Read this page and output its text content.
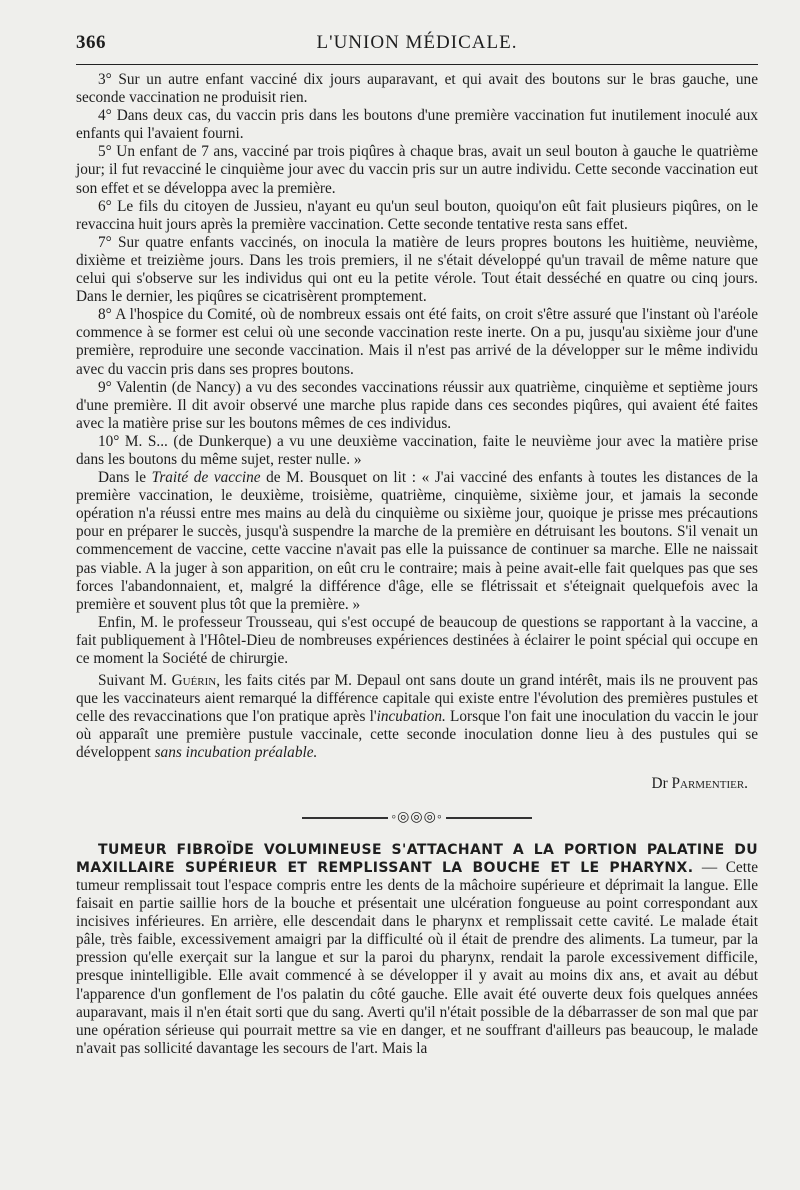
366	L'UNION MÉDICALE.

3° Sur un autre enfant vacciné dix jours auparavant, et qui avait des boutons sur le bras gauche, une seconde vaccination ne produisit rien.

4° Dans deux cas, du vaccin pris dans les boutons d'une première vaccination fut inutilement inoculé aux enfants qui l'avaient fourni.

5° Un enfant de 7 ans, vacciné par trois piqûres à chaque bras, avait un seul bouton à gauche le quatrième jour; il fut revacciné le cinquième jour avec du vaccin pris sur un autre individu. Cette seconde vaccination eut son effet et se développa avec la première.

6° Le fils du citoyen de Jussieu, n'ayant eu qu'un seul bouton, quoiqu'on eût fait plusieurs piqûres, on le revaccina huit jours après la première vaccination. Cette seconde tentative resta sans effet.

7° Sur quatre enfants vaccinés, on inocula la matière de leurs propres boutons les huitième, neuvième, dixième et treizième jours. Dans les trois premiers, il ne s'était développé qu'un travail de même nature que celui qui s'observe sur les individus qui ont eu la petite vérole. Tout était desséché en quatre ou cinq jours. Dans le dernier, les piqûres se cicatrisèrent promptement.

8° A l'hospice du Comité, où de nombreux essais ont été faits, on croit s'être assuré que l'instant où l'aréole commence à se former est celui où une seconde vaccination reste inerte. On a pu, jusqu'au sixième jour d'une première, reproduire une seconde vaccination. Mais il n'est pas arrivé de la développer sur le même individu avec du vaccin pris dans ses propres boutons.

9° Valentin (de Nancy) a vu des secondes vaccinations réussir aux quatrième, cinquième et septième jours d'une première. Il dit avoir observé une marche plus rapide dans ces secondes piqûres, qui avaient été faites avec la matière prise sur les boutons mêmes de ces individus.

10° M. S... (de Dunkerque) a vu une deuxième vaccination, faite le neuvième jour avec la matière prise dans les boutons du même sujet, rester nulle. »

Dans le Traité de vaccine de M. Bousquet on lit : « J'ai vacciné des enfants à toutes les distances de la première vaccination, le deuxième, troisième, quatrième, cinquième, sixième jour, et jamais la seconde opération n'a réussi entre mes mains au delà du cinquième ou sixième jour, quoique je prisse mes précautions pour en préparer le succès, jusqu'à suspendre la marche de la première en détruisant les boutons. S'il venait un commencement de vaccine, cette vaccine n'avait pas elle la puissance de continuer sa marche. Elle ne naissait pas viable. A la juger à son apparition, on eût cru le contraire; mais à peine avait-elle fait quelques pas que ses forces l'abandonnaient, et, malgré la différence d'âge, elle se flétrissait et s'éteignait quelquefois avec la première et souvent plus tôt que la première. »

Enfin, M. le professeur Trousseau, qui s'est occupé de beaucoup de questions se rapportant à la vaccine, a fait publiquement à l'Hôtel-Dieu de nombreuses expériences destinées à éclairer le point spécial qui occupe en ce moment la Société de chirurgie.

Suivant M. Guérin, les faits cités par M. Depaul ont sans doute un grand intérêt, mais ils ne prouvent pas que les vaccinateurs aient remarqué la différence capitale qui existe entre l'évolution des premières pustules et celle des revaccinations que l'on pratique après l'incubation. Lorsque l'on fait une inoculation du vaccin le jour où apparaît une première pustule vaccinale, cette seconde inoculation donne lieu à des pustules qui se développent sans incubation préalable.

Dr Parmentier.
◦◎◎◎◦

TUMEUR FIBROÏDE VOLUMINEUSE S'ATTACHANT A LA PORTION PALATINE DU MAXILLAIRE SUPÉRIEUR ET REMPLISSANT LA BOUCHE ET LE PHARYNX. — Cette tumeur remplissait tout l'espace compris entre les dents de la mâchoire supérieure et déprimait la langue. Elle faisait en partie saillie hors de la bouche et présentait une ulcération fongueuse au point correspondant aux incisives inférieures. En arrière, elle descendait dans le pharynx et remplissait cette cavité. Le malade était pâle, très faible, excessivement amaigri par la difficulté où il était de prendre des aliments. La tumeur, par la pression qu'elle exerçait sur la langue et sur la paroi du pharynx, rendait la parole excessivement difficile, presque inintelligible. Elle avait commencé à se développer il y avait au moins dix ans, et avait au début l'apparence d'un gonflement de l'os palatin du côté gauche. Elle avait été ouverte deux fois quelques années auparavant, mais il n'en était sorti que du sang. Averti qu'il n'était possible de la débarrasser de son mal que par une opération sérieuse qui pourrait mettre sa vie en danger, et ne souffrant d'ailleurs pas beaucoup, le malade n'avait pas sollicité davantage les secours de l'art. Mais la
